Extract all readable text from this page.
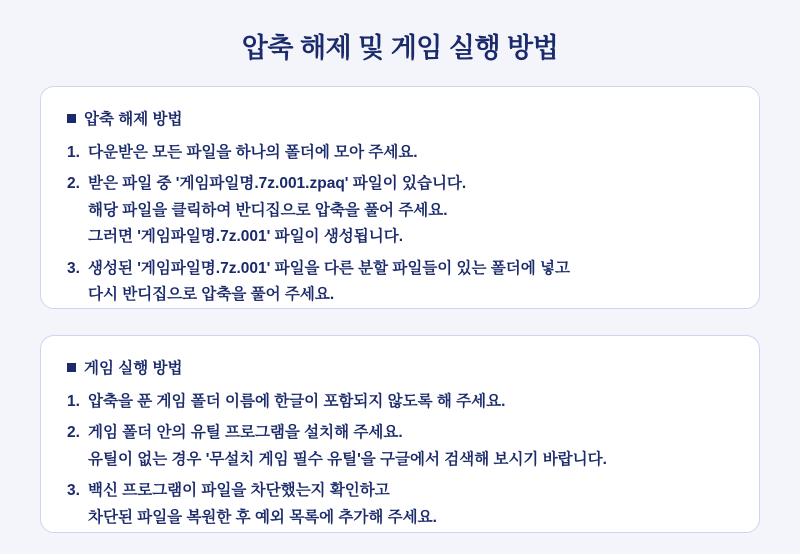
압축 해제 및 게임 실행 방법
압축 해제 방법
1. 다운받은 모든 파일을 하나의 폴더에 모아 주세요.
2. 받은 파일 중 '게임파일명.7z.001.zpaq' 파일이 있습니다.
해당 파일을 클릭하여 반디집으로 압축을 풀어 주세요.
그러면 '게임파일명.7z.001' 파일이 생성됩니다.
3. 생성된 '게임파일명.7z.001' 파일을 다른 분할 파일들이 있는 폴더에 넣고
다시 반디집으로 압축을 풀어 주세요.
게임 실행 방법
1. 압축을 푼 게임 폴더 이름에 한글이 포함되지 않도록 해 주세요.
2. 게임 폴더 안의 유틸 프로그램을 설치해 주세요.
유틸이 없는 경우 '무설치 게임 필수 유틸'을 구글에서 검색해 보시기 바랍니다.
3. 백신 프로그램이 파일을 차단했는지 확인하고
차단된 파일을 복원한 후 예외 목록에 추가해 주세요.
